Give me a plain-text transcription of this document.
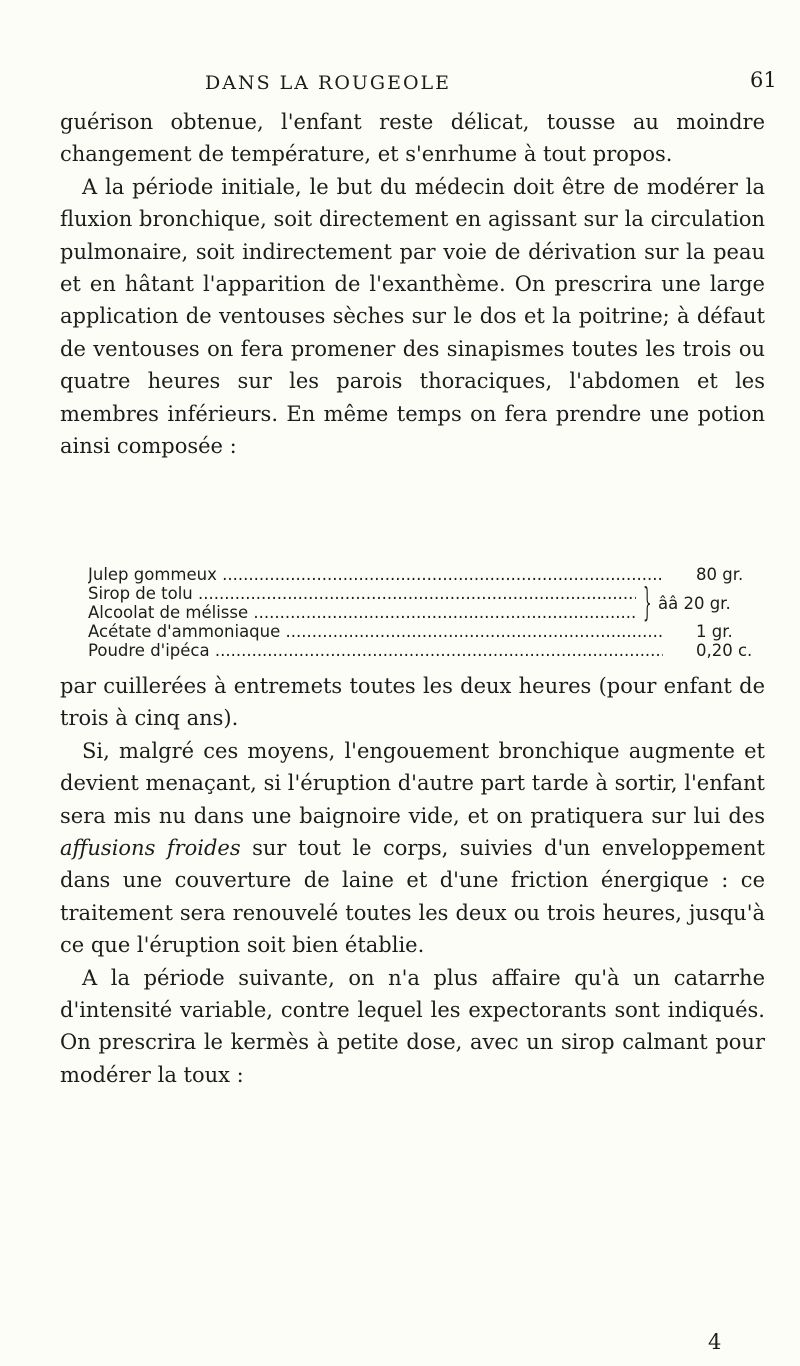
DANS LA ROUGEOLE	61

guérison obtenue, l'enfant reste délicat, tousse au moindre changement de température, et s'enrhume à tout propos.

A la période initiale, le but du médecin doit être de modérer la fluxion bronchique, soit directement en agissant sur la circulation pulmonaire, soit indirectement par voie de dérivation sur la peau et en hâtant l'apparition de l'exanthème. On prescrira une large application de ventouses sèches sur le dos et la poitrine; à défaut de ventouses on fera promener des sinapismes toutes les trois ou quatre heures sur les parois thoraciques, l'abdomen et les membres inférieurs. En même temps on fera prendre une potion ainsi composée :

Julep gommeux .....	80 gr.
Sirop de tolu .....
Alcoolat de mélisse .....	} ââ 20 gr.
Acétate d'ammoniaque .....	1 gr.
Poudre d'ipéca .....	0,20 c.

par cuillerées à entremets toutes les deux heures (pour enfant de trois à cinq ans).

Si, malgré ces moyens, l'engouement bronchique augmente et devient menaçant, si l'éruption d'autre part tarde à sortir, l'enfant sera mis nu dans une baignoire vide, et on pratiquera sur lui des affusions froides sur tout le corps, suivies d'un enveloppement dans une couverture de laine et d'une friction énergique : ce traitement sera renouvelé toutes les deux ou trois heures, jusqu'à ce que l'éruption soit bien établie.

A la période suivante, on n'a plus affaire qu'à un catarrhe d'intensité variable, contre lequel les expectorants sont indiqués. On prescrira le kermès à petite dose, avec un sirop calmant pour modérer la toux :

4
